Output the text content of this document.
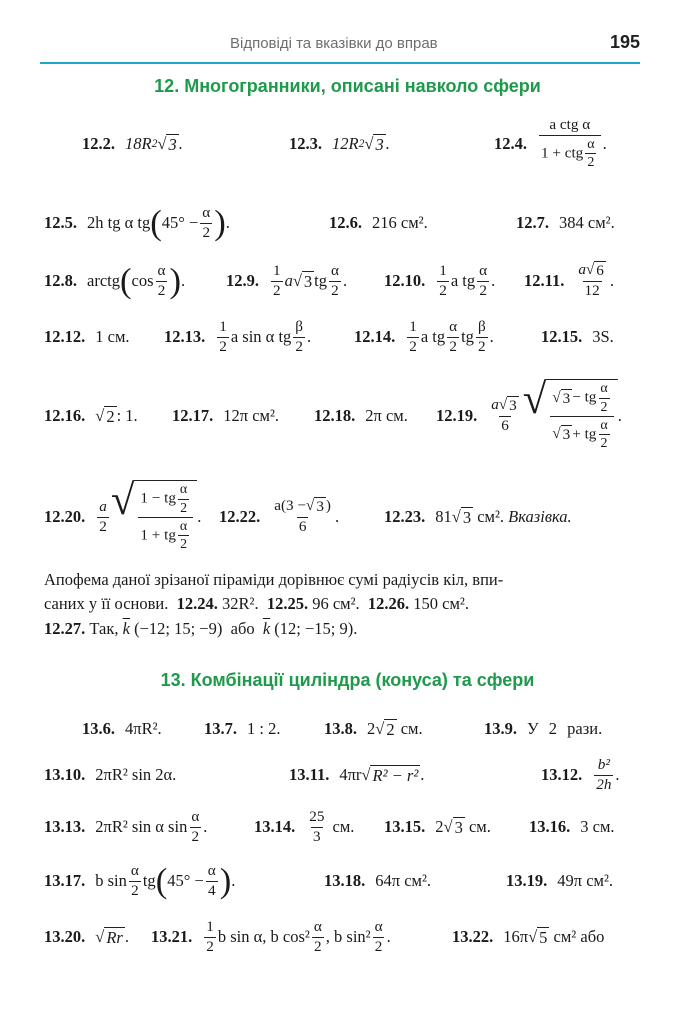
Відповіді та вказівки до вправ	195
12. Многогранники, описані навколо сфери
12.2. 18R 2 √ 3 .	12.3. 12R 2 √ 3 .	12.4. $\frac{\text{a ctg α}}{1 + ctg \frac{\alpha}{2}}$ .
12.5. 2h tg α tg ( $45^\circ - \frac{\alpha}{2}$ ) .	12.6. 216 см².	12.7. 384 см².
12.8. arctg ( $\cos \frac{\alpha}{2}$ ) . 12.9. $\frac{1}{2}$ a √ 3 tg $\frac{\alpha}{2}$ . 12.10. $\frac{1}{2}$ a tg $\frac{\alpha}{2}$ . 12.11. $\frac{a √ 6}{12}$ .
12.12. 1 см. 12.13. $\frac{1}{2}$ a sin α tg $\frac{\beta}{2}$ .	12.14. $\frac{1}{2}$ a tg $\frac{\alpha}{2}$ tg $\frac{\beta}{2}$ .	12.15. 3S.
12.16. √ 2 : 1. 12.17. 12π см². 12.18. 2π см. 12.19. $\frac{a √ 3}{6}$ √ $\frac{√ 3 - tg \frac{\alpha}{2}}{√ 3 + tg \frac{\alpha}{2}}$ .
12.20. $\frac{a}{2}$ √ $\frac{1 - tg \frac{\alpha}{2}}{1 + tg \frac{\alpha}{2}}$ . 12.22. $\frac{a(3 - √ 3 )}{6}$ .	12.23. 81 √ 3
см².
Вказівка.
Апофема даної зрізаної піраміди дорівнює сумі радіусів кіл, впи-
саних у її основи. 12.24. 32R². 12.25. 96 см². 12.26. 150 см².
12.27. Так, $\overline{k}$ (−12; 15; −9) або $\overline{k}$ (12; −15; 9).
13. Комбінації циліндра (конуса) та сфери
13.6. 4πR².	13.7. 1 : 2.	13.8. 2 √ 2
см.	13.9. У 2 рази.
13.10. 2πR² sin 2α.	13.11. 4πr √ R² − r² .	13.12. $\frac{\text{b²}}{2h}$ .
13.13. 2πR² sin α $\sin \frac{\alpha}{2}$ .	13.14. $\frac{25}{3}$
см. 13.15. 2 √ 3
см. 13.16. 3 см.
13.17. b $\sin \frac{\alpha}{2}$ tg ( $45^\circ - \frac{\alpha}{4}$ ) .	13.18. 64π см².	13.19. 49π см².
13.20. √ Rr . 13.21. $\frac{1}{2}$ b sin α,
b $\cos^2 \frac{\alpha}{2}$ , b $\sin^2 \frac{\alpha}{2}$ .	13.22. 16π √ 5
см² або
